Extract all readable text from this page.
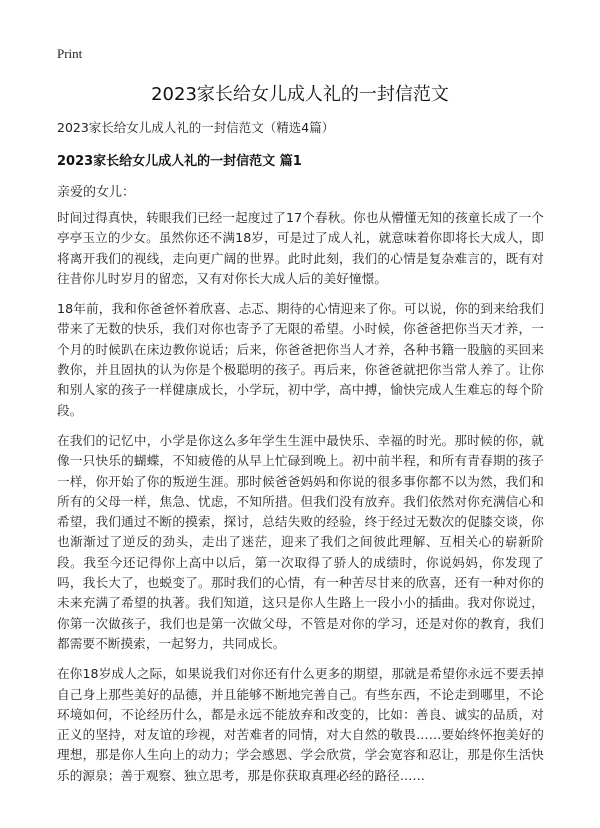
Print
2023家长给女儿成人礼的一封信范文
2023家长给女儿成人礼的一封信范文（精选4篇）
2023家长给女儿成人礼的一封信范文 篇1
亲爱的女儿：

时间过得真快，转眼我们已经一起度过了17个春秋。你也从懵懂无知的孩童长成了一个亭亭玉立的少女。虽然你还不满18岁，可是过了成人礼，就意味着你即将长大成人，即将离开我们的视线，走向更广阔的世界。此时此刻，我们的心情是复杂难言的，既有对往昔你儿时岁月的留恋，又有对你长大成人后的美好憧憬。

18年前，我和你爸爸怀着欣喜、忐忑、期待的心情迎来了你。可以说，你的到来给我们带来了无数的快乐，我们对你也寄予了无限的希望。小时候，你爸爸把你当天才养，一个月的时候趴在床边教你说话；后来，你爸爸把你当人才养，各种书籍一股脑的买回来教你，并且固执的认为你是个极聪明的孩子。再后来，你爸爸就把你当常人养了。让你和别人家的孩子一样健康成长，小学玩，初中学，高中搏，愉快完成人生难忘的每个阶段。

在我们的记忆中，小学是你这么多年学生生涯中最快乐、幸福的时光。那时候的你，就像一只快乐的蝴蝶，不知疲倦的从早上忙碌到晚上。初中前半程，和所有青春期的孩子一样，你开始了你的叛逆生涯。那时候爸爸妈妈和你说的很多事你都不以为然，我们和所有的父母一样，焦急、忧虑，不知所措。但我们没有放弃。我们依然对你充满信心和希望，我们通过不断的摸索，探讨，总结失败的经验，终于经过无数次的促膝交谈，你也渐渐过了逆反的劲头，走出了迷茫，迎来了我们之间彼此理解、互相关心的崭新阶段。我至今还记得你上高中以后，第一次取得了骄人的成绩时，你说妈妈，你发现了吗，我长大了，也蜕变了。那时我们的心情，有一种苦尽甘来的欣喜，还有一种对你的未来充满了希望的执著。我们知道，这只是你人生路上一段小小的插曲。我对你说过，你第一次做孩子，我们也是第一次做父母，不管是对你的学习，还是对你的教育，我们都需要不断摸索，一起努力，共同成长。

在你18岁成人之际，如果说我们对你还有什么更多的期望，那就是希望你永远不要丢掉自己身上那些美好的品德，并且能够不断地完善自己。有些东西，不论走到哪里，不论环境如何，不论经历什么，都是永远不能放弃和改变的，比如：善良、诚实的品质，对正义的坚持，对友谊的珍视，对苦难者的同情，对大自然的敬畏……要始终怀抱美好的理想，那是你人生向上的动力；学会感恩、学会欣赏，学会宽容和忍让，那是你生活快乐的源泉；善于观察、独立思考，那是你获取真理必经的路径……
